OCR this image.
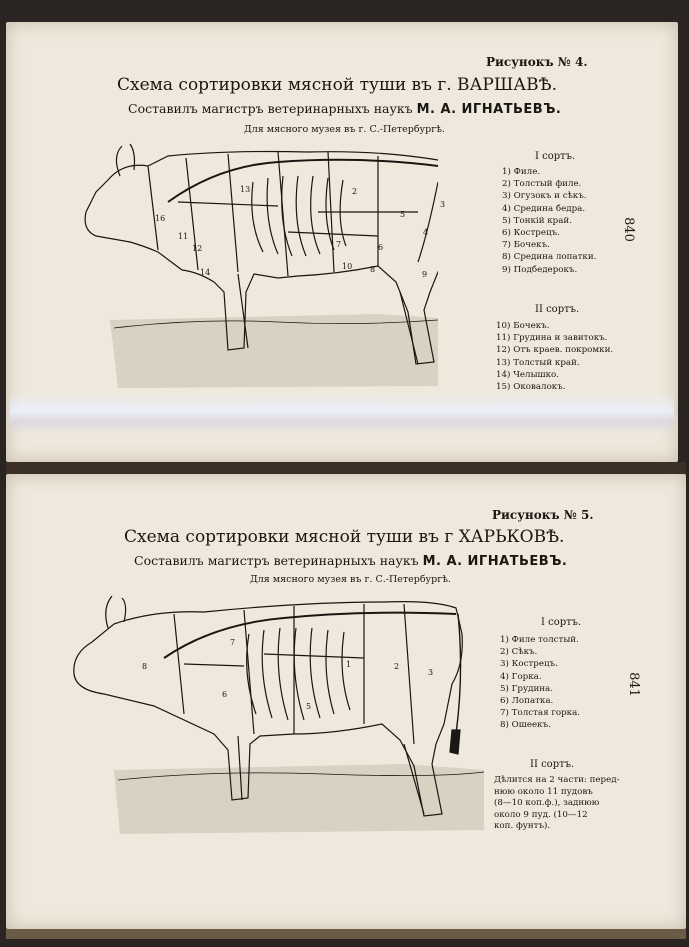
Рисунокъ № 4.
Схема сортировки мясной туши въ г. ВАРШАВѢ.
Составилъ магистръ ветеринарныхъ наукъ М. А. ИГНАТЬЕВЪ.
Для мясного музея въ г. С.-Петербургѣ.
13	2
3
4
16
7	6
10
9
14	8
5
11
12
I сортъ.
1) Филе.
2) Толстый филе.
3) Огузокъ и сѣкъ.
4) Средина бедра.
5) Тонкій край.
6) Кострецъ.
7) Бочекъ.
8) Средина лопатки.
9) Подбедерокъ.
II сортъ.
10) Бочекъ.
11) Грудина и завитокъ.
12) Отъ краев. покромки.
13) Толстый край.
14) Челышко.
15) Оковалокъ.
840
Рисунокъ № 5.
Схема сортировки мясной туши въ г ХАРЬКОВѢ.
Составилъ магистръ ветеринарныхъ наукъ М. А. ИГНАТЬЕВЪ.
Для мясного музея въ г. С.-Петербургѣ.
7
8	1	2
3
6
5
I сортъ.
1) Филе толстый.
2) Сѣкъ.
3) Кострецъ.
4) Горка.
5) Грудина.
6) Лопатка.
7) Толстая горка.
8) Ошеекъ.
II сортъ.
Дѣлится на 2 части: перед-
нюю около 11 пудовъ
(8—10 коп.ф.), заднюю
около 9 пуд. (10—12
коп. фунтъ).
841
